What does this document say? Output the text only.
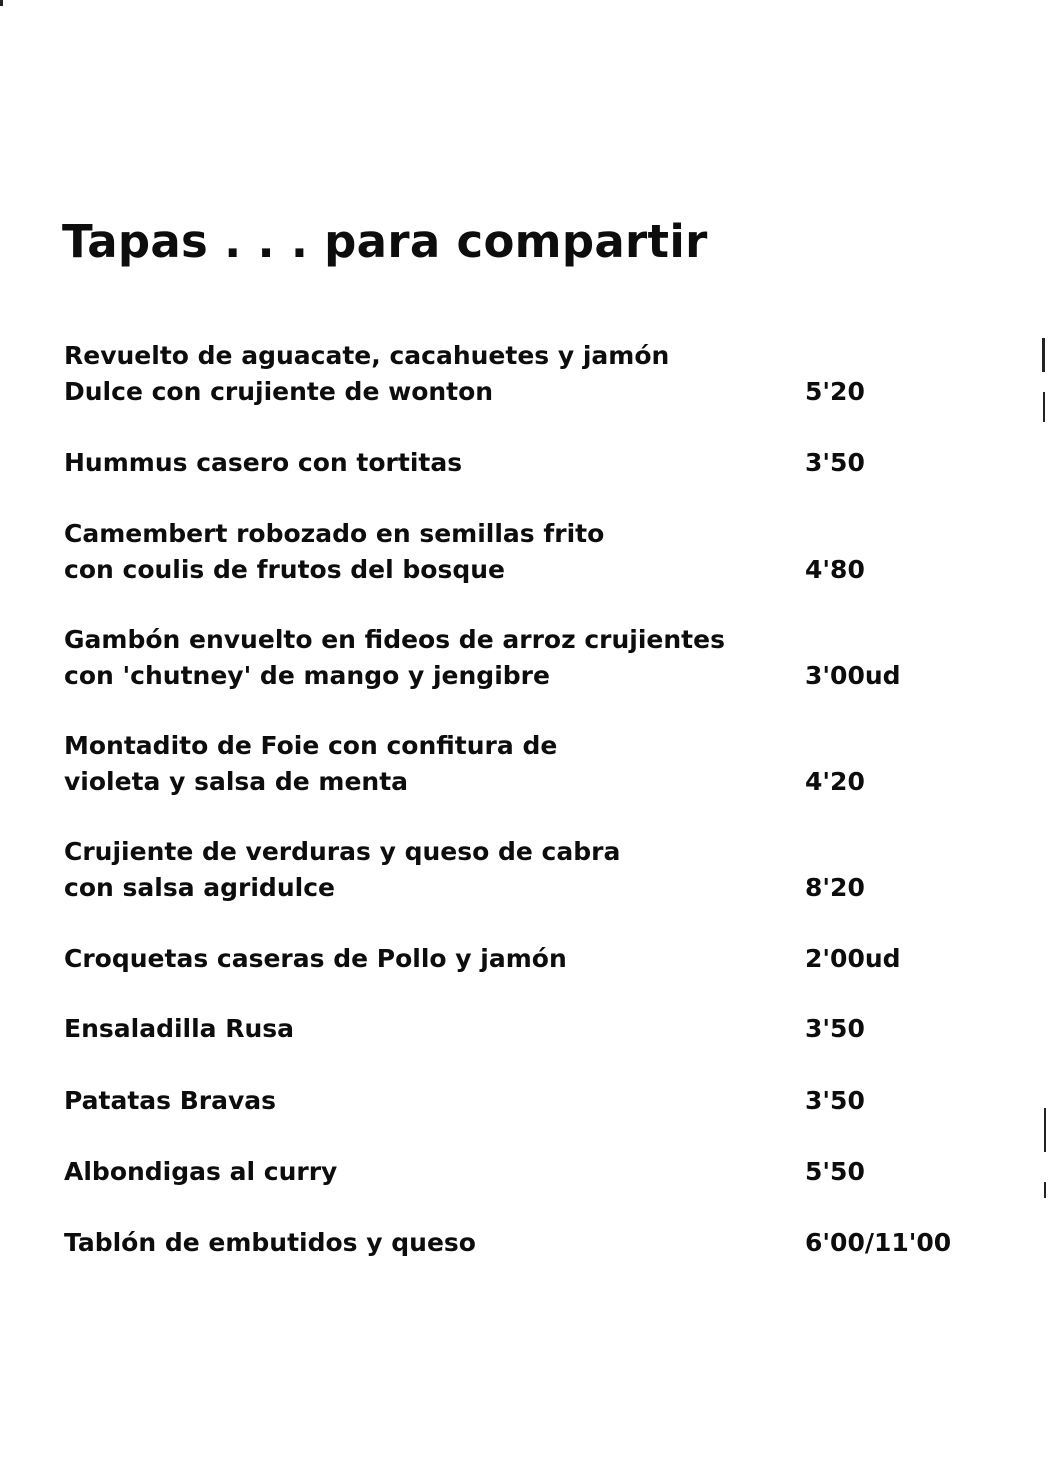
Tapas . . . para compartir
Revuelto de aguacate, cacahuetes y jamón
Dulce con crujiente de wonton	5'20
Hummus casero con tortitas	3'50
Camembert robozado en semillas frito
con coulis de frutos del bosque	4'80
Gambón envuelto en fideos de arroz crujientes
con 'chutney' de mango y jengibre	3'00ud
Montadito de Foie con confitura de
violeta y salsa de menta	4'20
Crujiente de verduras y queso de cabra
con salsa agridulce	8'20
Croquetas caseras de Pollo y jamón	2'00ud
Ensaladilla Rusa	3'50
Patatas Bravas	3'50
Albondigas al curry	5'50
Tablón de embutidos y queso	6'00/11'00
